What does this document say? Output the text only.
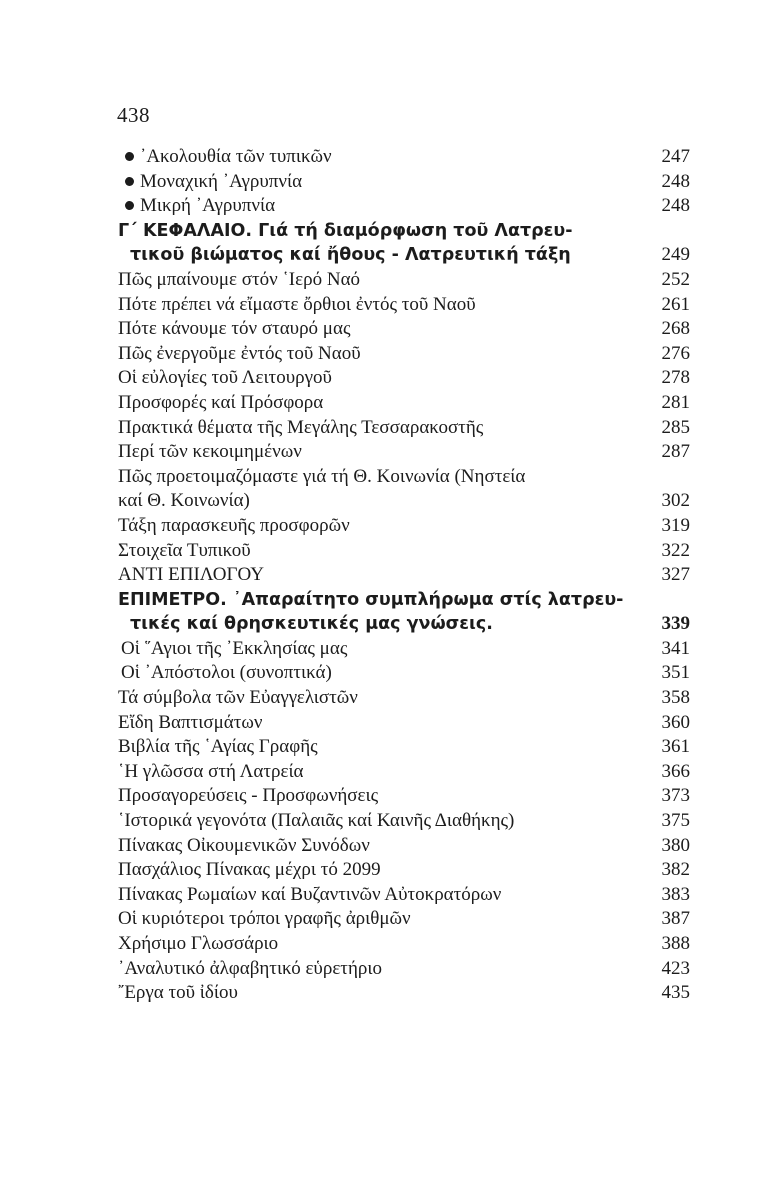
438
᾿Ακολουθία τῶν τυπικῶν	247
Μοναχική ᾿Αγρυπνία	248
Μικρή ᾿Αγρυπνία	248
Γ΄ ΚΕΦΑΛΑΙΟ. Γιά τή διαμόρφωση τοῦ Λατρευ-
τικοῦ βιώματος καί ἤθους - Λατρευτική τάξη	249
Πῶς μπαίνουμε στόν ῾Ιερό Ναό	252
Πότε πρέπει νά εἴμαστε ὄρθιοι ἐντός τοῦ Ναοῦ	261
Πότε κάνουμε τόν σταυρό μας	268
Πῶς ἐνεργοῦμε ἐντός τοῦ Ναοῦ	276
Οἱ εὐλογίες τοῦ Λειτουργοῦ	278
Προσφορές καί Πρόσφορα	281
Πρακτικά θέματα τῆς Μεγάλης Τεσσαρακοστῆς	285
Περί τῶν κεκοιμημένων	287
Πῶς προετοιμαζόμαστε γιά τή Θ. Κοινωνία (Νηστεία
καί Θ. Κοινωνία)	302
Τάξη παρασκευῆς προσφορῶν	319
Στοιχεῖα Τυπικοῦ	322
ΑΝΤΙ ΕΠΙΛΟΓΟΥ	327
ΕΠΙΜΕΤΡΟ. ᾿Απαραίτητο συμπλήρωμα στίς λατρευ-
τικές καί θρησκευτικές μας γνώσεις.	339
Οἱ ῞Αγιοι τῆς ᾿Εκκλησίας μας	341
Οἱ ᾿Απόστολοι (συνοπτικά)	351
Τά σύμβολα τῶν Εὐαγγελιστῶν	358
Εἴδη Βαπτισμάτων	360
Βιβλία τῆς ῾Αγίας Γραφῆς	361
῾Η γλῶσσα στή Λατρεία	366
Προσαγορεύσεις - Προσφωνήσεις	373
῾Ιστορικά γεγονότα (Παλαιᾶς καί Καινῆς Διαθήκης)	375
Πίνακας Οἰκουμενικῶν Συνόδων	380
Πασχάλιος Πίνακας μέχρι τό 2099	382
Πίνακας Ρωμαίων καί Βυζαντινῶν Αὐτοκρατόρων	383
Οἱ κυριότεροι τρόποι γραφῆς ἀριθμῶν	387
Χρήσιμο Γλωσσάριο	388
᾿Αναλυτικό ἀλφαβητικό εὑρετήριο	423
῎Εργα τοῦ ἰδίου	435
